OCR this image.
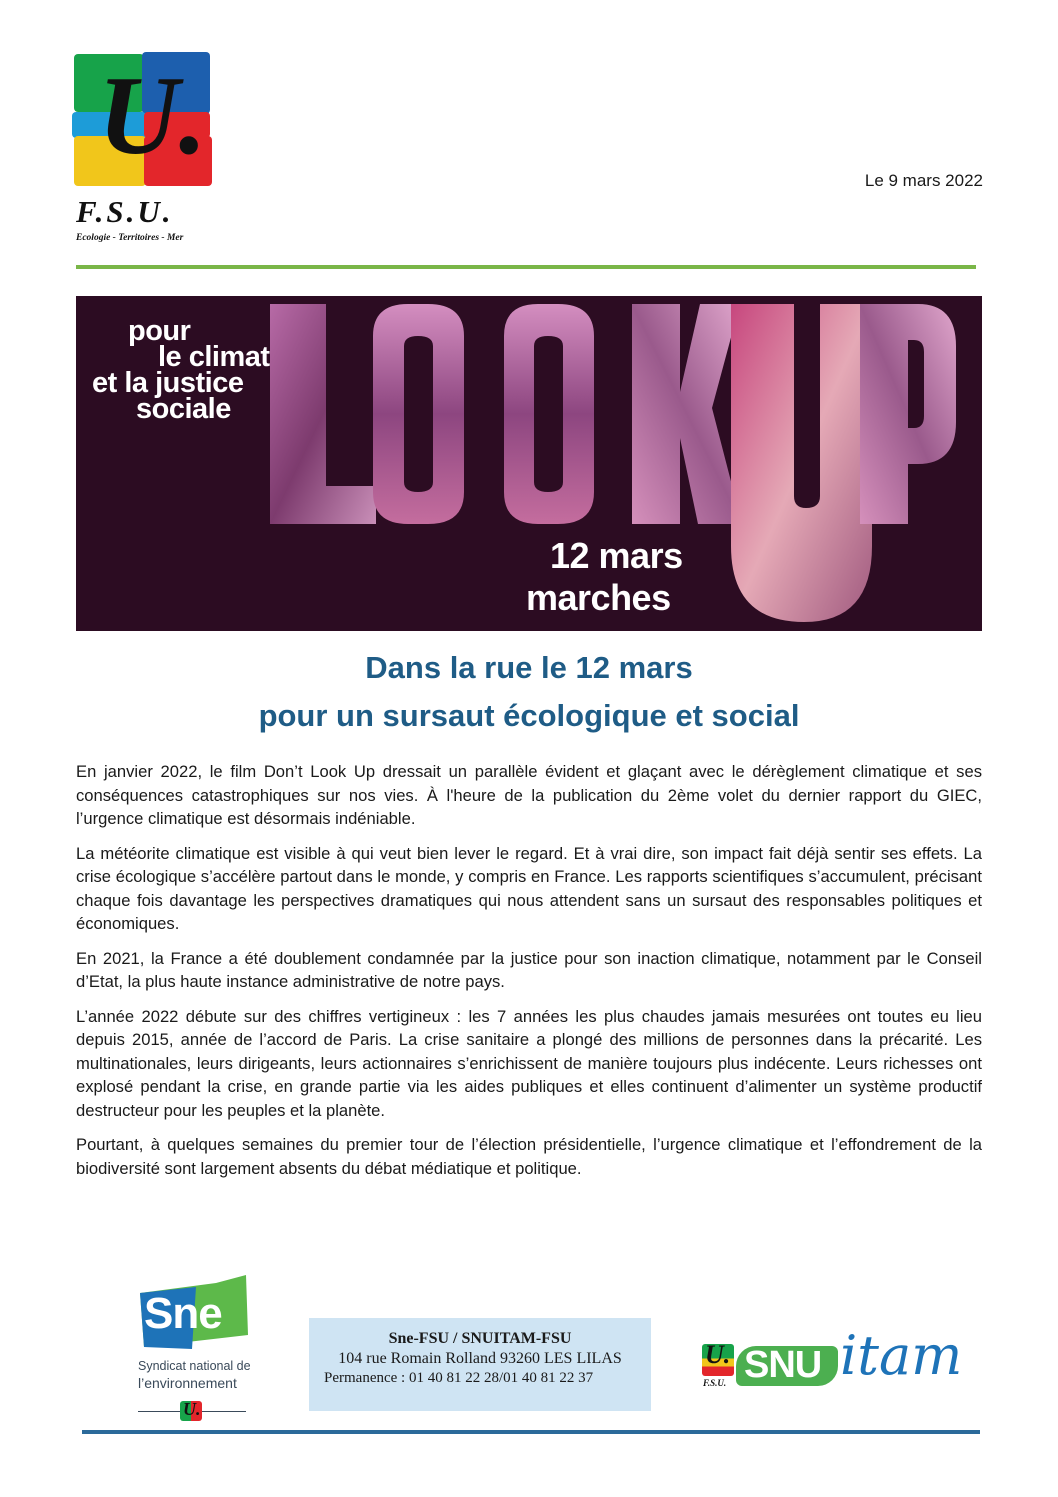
U.
F.S.U.
Ecologie - Territoires - Mer
Le 9 mars 2022
pour
le climat
et la justice
sociale
12 mars
marches
Dans la rue le 12 mars
pour un sursaut écologique et social

En janvier 2022, le film Don’t Look Up dressait un parallèle évident et glaçant avec le dérèglement climatique et ses conséquences catastrophiques sur nos vies. À l'heure de la publication du 2ème volet du dernier rapport du GIEC, l’urgence climatique est désormais indéniable.

La météorite climatique est visible à qui veut bien lever le regard. Et à vrai dire, son impact fait déjà sentir ses effets. La crise écologique s’accélère partout dans le monde, y compris en France. Les rapports scientifiques s’accumulent, précisant chaque fois davantage les perspectives dramatiques qui nous attendent sans un sursaut des responsables politiques et économiques.

En 2021, la France a été doublement condamnée par la justice pour son inaction climatique, notamment par le Conseil d’Etat, la plus haute instance administrative de notre pays.

L’année 2022 débute sur des chiffres vertigineux : les 7 années les plus chaudes jamais mesurées ont toutes eu lieu depuis 2015, année de l’accord de Paris. La crise sanitaire a plongé des millions de personnes dans la précarité. Les multinationales, leurs dirigeants, leurs actionnaires s’enrichissent de manière toujours plus indécente. Leurs richesses ont explosé pendant la crise, en grande partie via les aides publiques et elles continuent d’alimenter un système productif destructeur pour les peuples et la planète.

Pourtant, à quelques semaines du premier tour de l’élection présidentielle, l’urgence climatique et l’effondrement de la biodiversité sont largement absents du débat médiatique et politique.

Sne
Syndicat national de
l’environnement
U.
Sne-FSU / SNUITAM-FSU
104 rue Romain Rolland 93260 LES LILAS
Permanence : 01 40 81 22 28/01 40 81 22 37
U.
F.S.U. SNU itam
